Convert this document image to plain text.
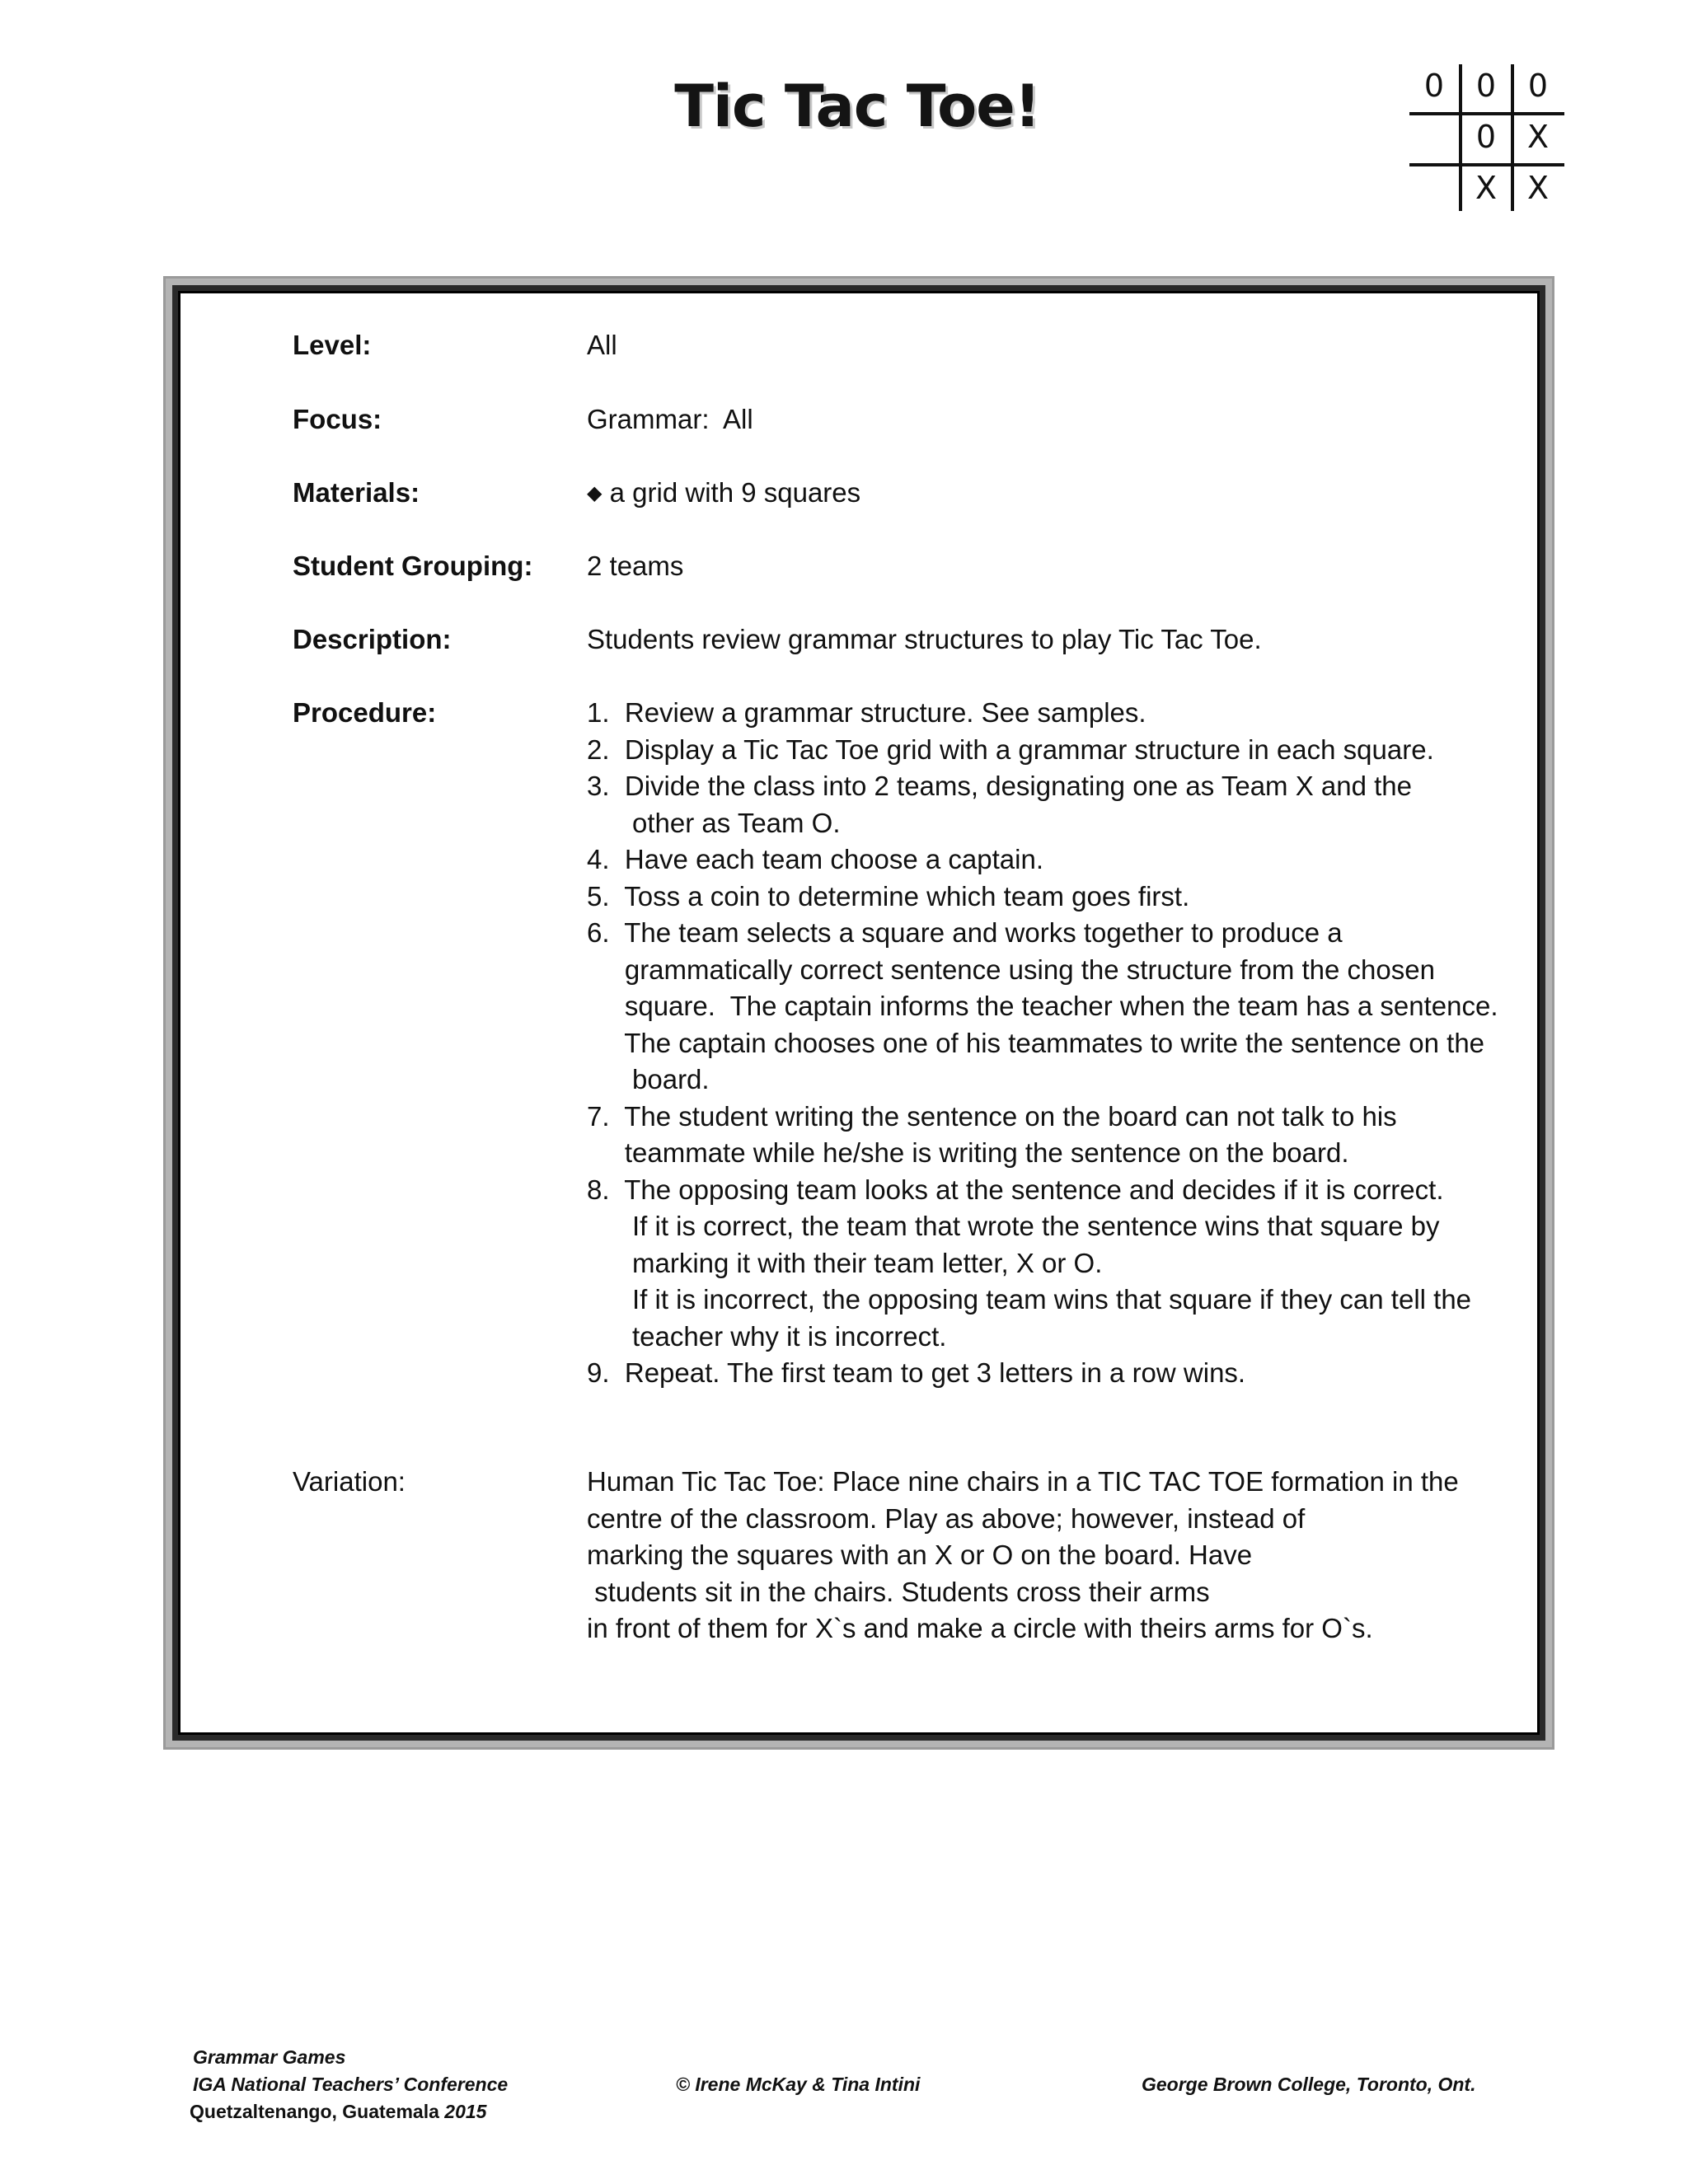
Tic Tac Toe!	0	0	0
0 X
X X
Level:	All
Focus:	Grammar:  All
Materials:	◆ a grid with 9 squares
Student Grouping:	2 teams
Description:	Students review grammar structures to play Tic Tac Toe.
Procedure:	1.  Review a grammar structure. See samples.
2.  Display a Tic Tac Toe grid with a grammar structure in each square.
3.  Divide the class into 2 teams, designating one as Team X and the
other as Team O.
4.  Have each team choose a captain.
5.  Toss a coin to determine which team goes first.
6.  The team selects a square and works together to produce a
grammatically correct sentence using the structure from the chosen
square.  The captain informs the teacher when the team has a sentence.
The captain chooses one of his teammates to write the sentence on the
board.
7.  The student writing the sentence on the board can not talk to his
teammate while he/she is writing the sentence on the board.
8.  The opposing team looks at the sentence and decides if it is correct.
If it is correct, the team that wrote the sentence wins that square by
marking it with their team letter, X or O.
If it is incorrect, the opposing team wins that square if they can tell the
teacher why it is incorrect.
9.  Repeat. The first team to get 3 letters in a row wins.
Variation:	Human Tic Tac Toe: Place nine chairs in a TIC TAC TOE formation in the
centre of the classroom. Play as above; however, instead of
marking the squares with an X or O on the board. Have
students sit in the chairs. Students cross their arms
in front of them for X`s and make a circle with theirs arms for O`s.
Grammar Games
IGA National Teachers’ Conference
Quetzaltenango, Guatemala 2015
© Irene McKay & Tina Intini	George Brown College, Toronto, Ont.
